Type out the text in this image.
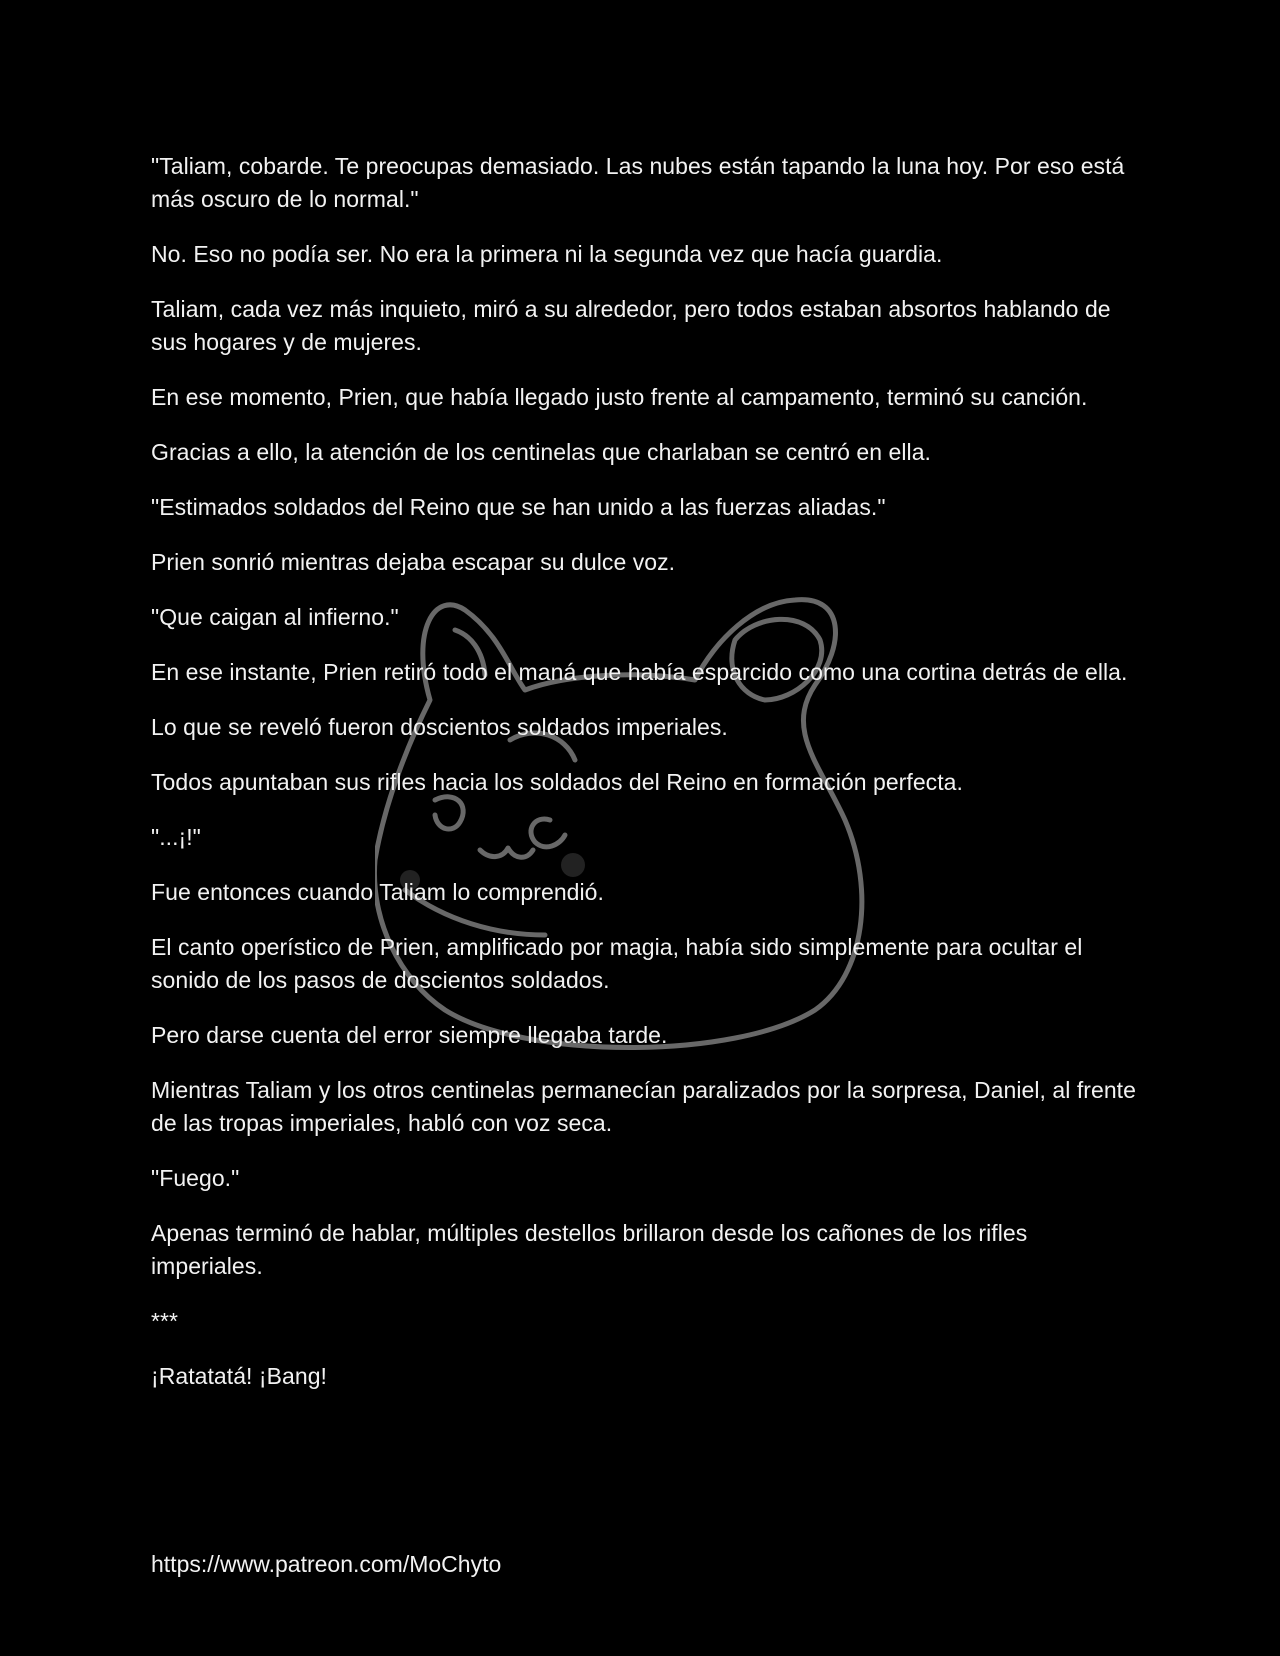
"Taliam, cobarde. Te preocupas demasiado. Las nubes están tapando la luna hoy. Por eso está más oscuro de lo normal."

No. Eso no podía ser. No era la primera ni la segunda vez que hacía guardia.

Taliam, cada vez más inquieto, miró a su alrededor, pero todos estaban absortos hablando de sus hogares y de mujeres.

En ese momento, Prien, que había llegado justo frente al campamento, terminó su canción.

Gracias a ello, la atención de los centinelas que charlaban se centró en ella.

"Estimados soldados del Reino que se han unido a las fuerzas aliadas."

Prien sonrió mientras dejaba escapar su dulce voz.

"Que caigan al infierno."

En ese instante, Prien retiró todo el maná que había esparcido como una cortina detrás de ella.

Lo que se reveló fueron doscientos soldados imperiales.

Todos apuntaban sus rifles hacia los soldados del Reino en formación perfecta.

"...¡!"

Fue entonces cuando Taliam lo comprendió.

El canto operístico de Prien, amplificado por magia, había sido simplemente para ocultar el sonido de los pasos de doscientos soldados.

Pero darse cuenta del error siempre llegaba tarde.

Mientras Taliam y los otros centinelas permanecían paralizados por la sorpresa, Daniel, al frente de las tropas imperiales, habló con voz seca.

"Fuego."

Apenas terminó de hablar, múltiples destellos brillaron desde los cañones de los rifles imperiales.

***

¡Ratatatá! ¡Bang!

https://www.patreon.com/MoChyto
